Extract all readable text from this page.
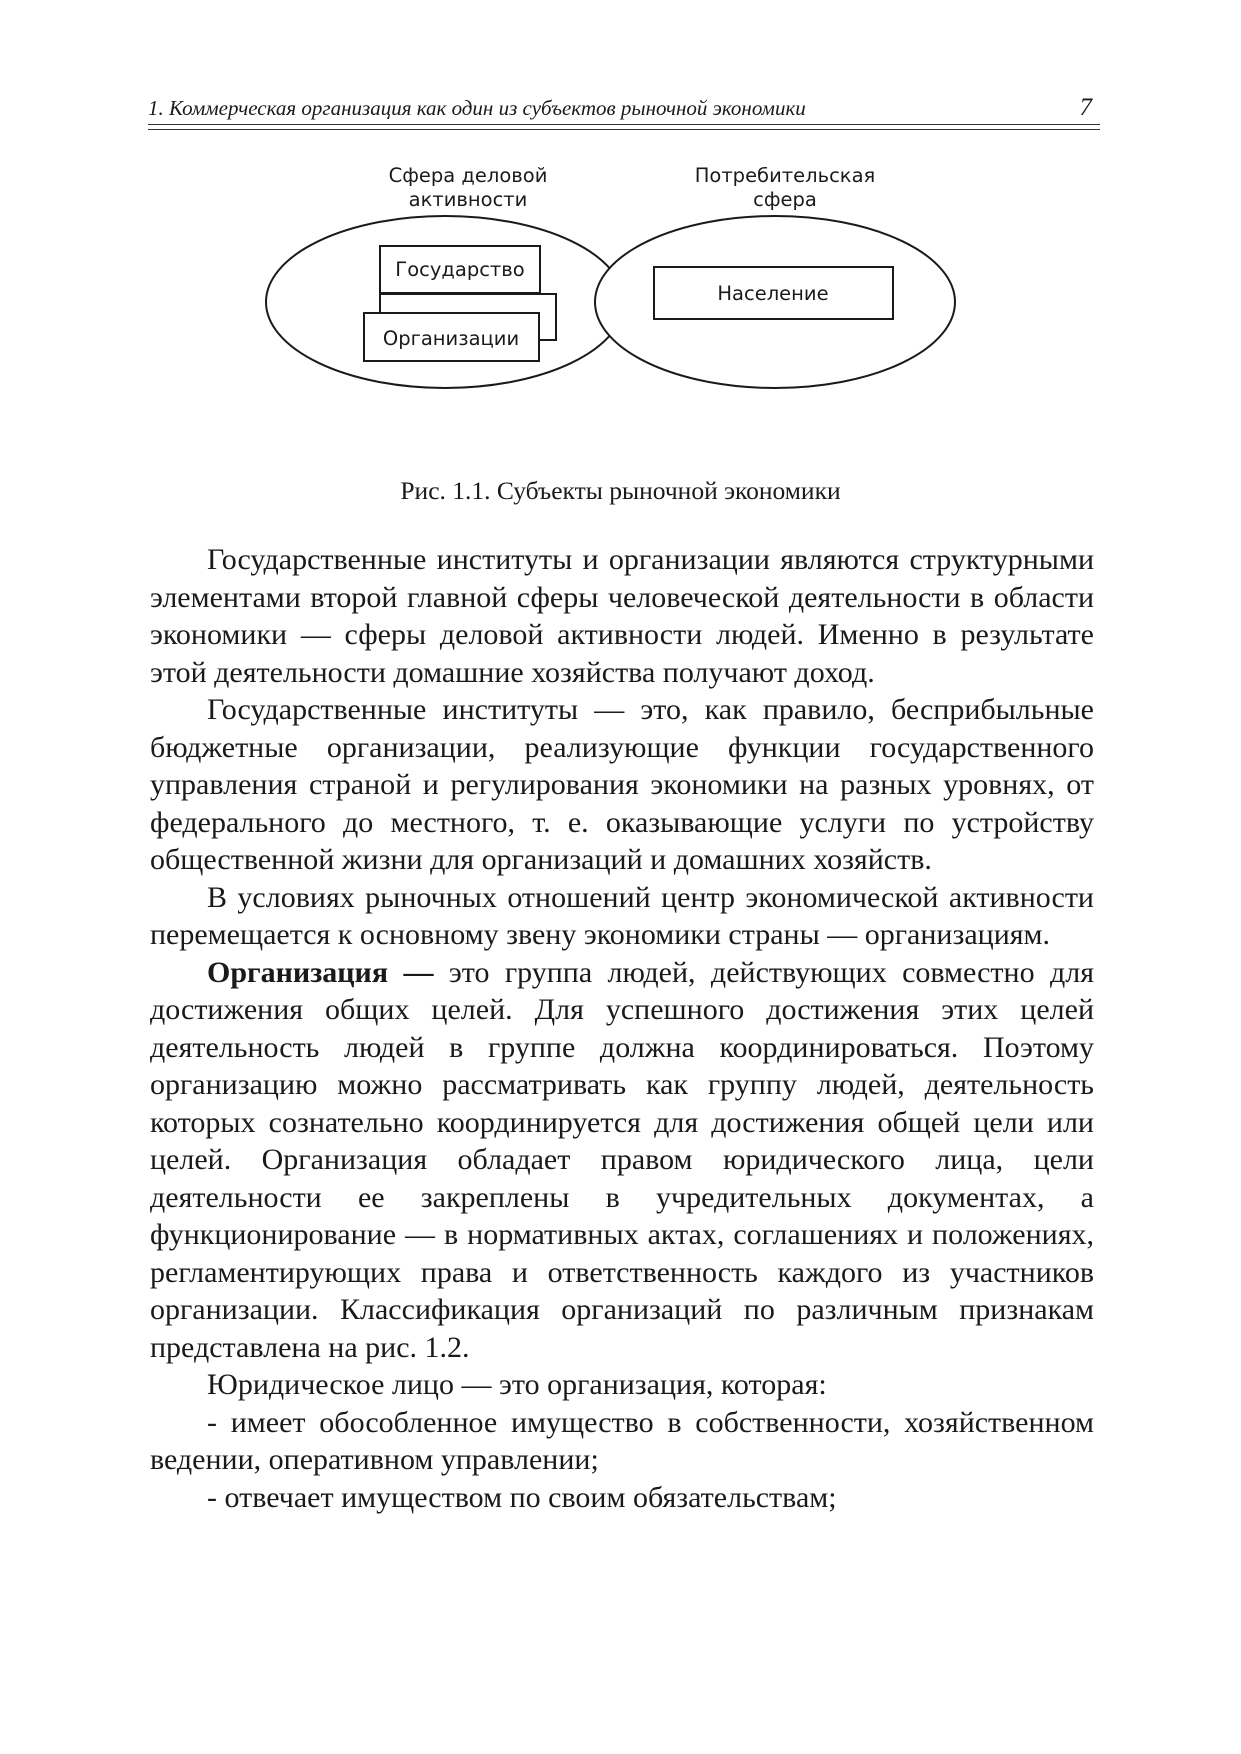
1. Коммерческая организация как один из субъектов рыночной экономики	7
Сфера деловой
активности
Потребительская
сфера
Организации
Государство
Население
Рис. 1.1. Субъекты рыночной экономики

Государственные институты и организации являются структурными элементами второй главной сферы человеческой деятельности в области экономики — сферы деловой активности людей. Именно в результате этой деятельности домашние хозяйства получают доход.

Государственные институты — это, как правило, бесприбыльные бюджетные организации, реализующие функции государственного управления страной и регулирования экономики на разных уровнях, от федерального до местного, т. е. оказывающие услуги по устройству общественной жизни для организаций и домашних хозяйств.

В условиях рыночных отношений центр экономической активности перемещается к основному звену экономики страны — организациям.

Организация — это группа людей, действующих совместно для достижения общих целей. Для успешного достижения этих целей деятельность людей в группе должна координироваться. Поэтому организацию можно рассматривать как группу людей, деятельность которых сознательно координируется для достижения общей цели или целей. Организация обладает правом юридического лица, цели деятельности ее закреплены в учредительных документах, а функционирование — в нормативных актах, соглашениях и положениях, регламентирующих права и ответственность каждого из участников организации. Классификация организаций по различным признакам представлена на рис. 1.2.

Юридическое лицо — это организация, которая:

- имеет обособленное имущество в собственности, хозяйственном ведении, оперативном управлении;

- отвечает имуществом по своим обязательствам;
